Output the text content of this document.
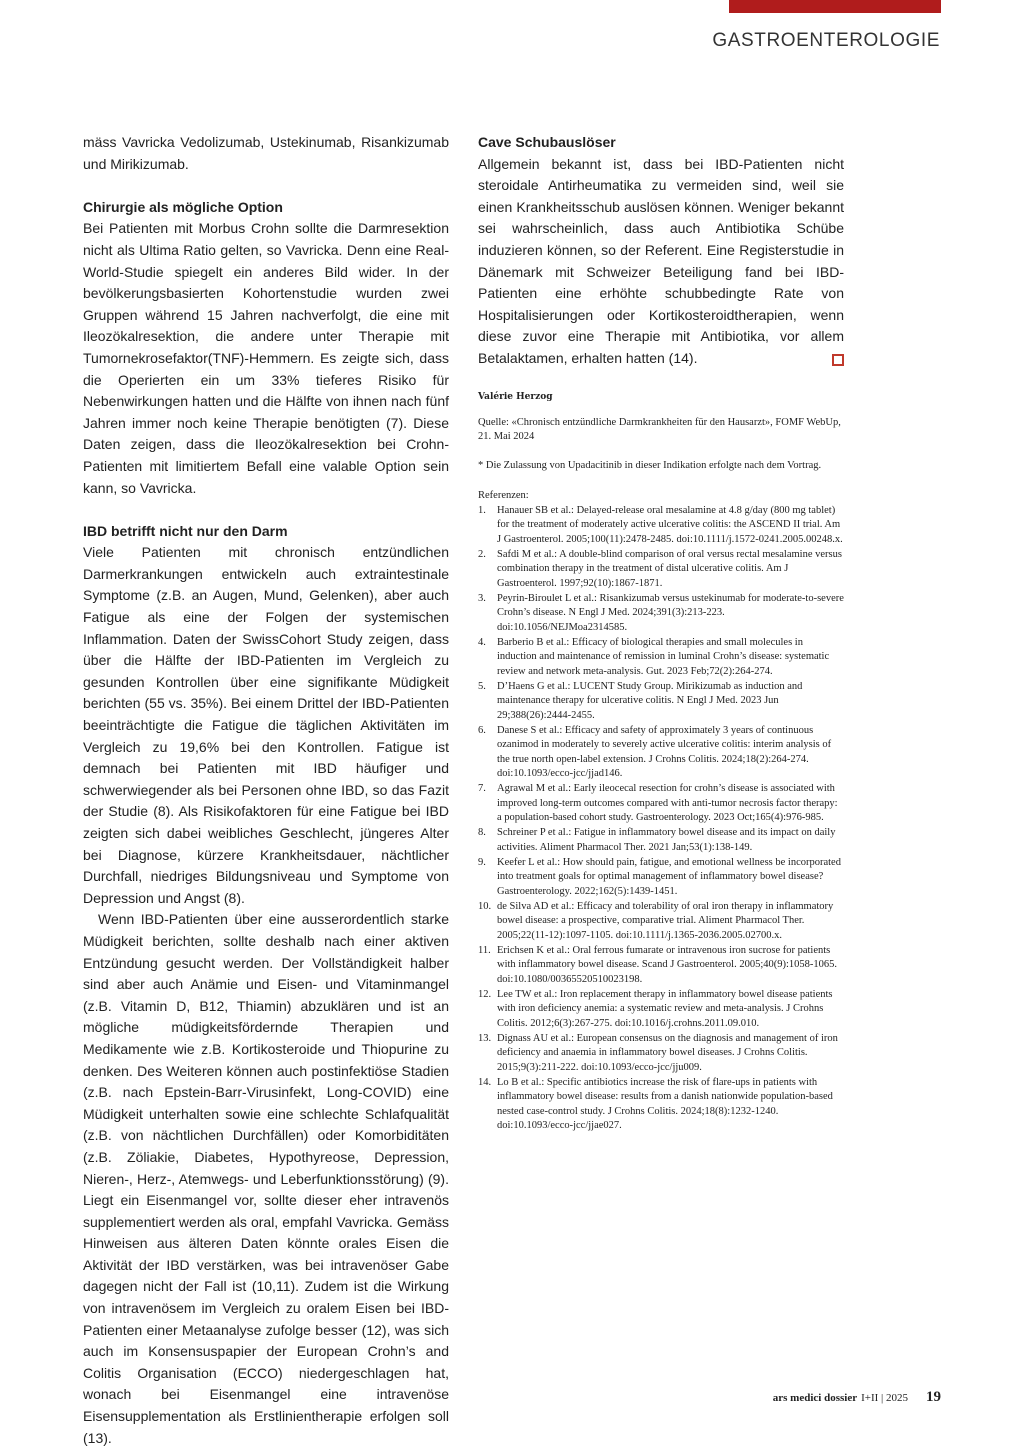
GASTROENTEROLOGIE

mäss Vavricka Vedolizumab, Ustekinumab, Risankizumab und Mirikizumab.

Chirurgie als mögliche Option

Bei Patienten mit Morbus Crohn sollte die Darmresektion nicht als Ultima Ratio gelten, so Vavricka. Denn eine Real-World-Studie spiegelt ein anderes Bild wider. In der bevölkerungsbasierten Kohortenstudie wurden zwei Gruppen während 15 Jahren nachverfolgt, die eine mit Ileozökalresektion, die andere unter Therapie mit Tumornekrosefaktor(TNF)-Hemmern. Es zeigte sich, dass die Operierten ein um 33% tieferes Risiko für Nebenwirkungen hatten und die Hälfte von ihnen nach fünf Jahren immer noch keine Therapie benötigten (7). Diese Daten zeigen, dass die Ileozökalresektion bei Crohn-Patienten mit limitiertem Befall eine valable Option sein kann, so Vavricka.

IBD betrifft nicht nur den Darm

Viele Patienten mit chronisch entzündlichen Darmerkrankungen entwickeln auch extraintestinale Symptome (z.B. an Augen, Mund, Gelenken), aber auch Fatigue als eine der Folgen der systemischen Inflammation. Daten der SwissCohort Study zeigen, dass über die Hälfte der IBD-Patienten im Vergleich zu gesunden Kontrollen über eine signifikante Müdigkeit berichten (55 vs. 35%). Bei einem Drittel der IBD-Patienten beeinträchtigte die Fatigue die täglichen Aktivitäten im Vergleich zu 19,6% bei den Kontrollen. Fatigue ist demnach bei Patienten mit IBD häufiger und schwerwiegender als bei Personen ohne IBD, so das Fazit der Studie (8). Als Risikofaktoren für eine Fatigue bei IBD zeigten sich dabei weibliches Geschlecht, jüngeres Alter bei Diagnose, kürzere Krankheitsdauer, nächtlicher Durchfall, niedriges Bildungsniveau und Symptome von Depression und Angst (8).

Wenn IBD-Patienten über eine ausserordentlich starke Müdigkeit berichten, sollte deshalb nach einer aktiven Entzündung gesucht werden. Der Vollständigkeit halber sind aber auch Anämie und Eisen- und Vitaminmangel (z.B. Vitamin D, B12, Thiamin) abzuklären und ist an mögliche müdigkeitsfördernde Therapien und Medikamente wie z.B. Kortikosteroide und Thiopurine zu denken. Des Weiteren können auch postinfektiöse Stadien (z.B. nach Epstein-Barr-Virusinfekt, Long-COVID) eine Müdigkeit unterhalten sowie eine schlechte Schlafqualität (z.B. von nächtlichen Durchfällen) oder Komorbiditäten (z.B. Zöliakie, Diabetes, Hypothyreose, Depression, Nieren-, Herz-, Atemwegs- und Leberfunktionsstörung) (9). Liegt ein Eisenmangel vor, sollte dieser eher intravenös supplementiert werden als oral, empfahl Vavricka. Gemäss Hinweisen aus älteren Daten könnte orales Eisen die Aktivität der IBD verstärken, was bei intravenöser Gabe dagegen nicht der Fall ist (10,11). Zudem ist die Wirkung von intravenösem im Vergleich zu oralem Eisen bei IBD-Patienten einer Metaanalyse zufolge besser (12), was sich auch im Konsensuspapier der European Crohn’s and Colitis Organisation (ECCO) niedergeschlagen hat, wonach bei Eisenmangel eine intravenöse Eisensupplementation als Erstlinientherapie erfolgen soll (13).

Cave Schubauslöser

Allgemein bekannt ist, dass bei IBD-Patienten nicht steroidale Antirheumatika zu vermeiden sind, weil sie einen Krankheitsschub auslösen können. Weniger bekannt sei wahrscheinlich, dass auch Antibiotika Schübe induzieren können, so der Referent. Eine Registerstudie in Dänemark mit Schweizer Beteiligung fand bei IBD-Patienten eine erhöhte schubbedingte Rate von Hospitalisierungen oder Kortikosteroidtherapien, wenn diese zuvor eine Therapie mit Antibiotika, vor allem Betalaktamen, erhalten hatten (14).

Valérie Herzog

Quelle: «Chronisch entzündliche Darmkrankheiten für den Hausarzt», FOMF WebUp, 21. Mai 2024

* Die Zulassung von Upadacitinib in dieser Indikation erfolgte nach dem Vortrag.

Referenzen:

1. Hanauer SB et al.: Delayed-release oral mesalamine at 4.8 g/day (800 mg tablet) for the treatment of moderately active ulcerative colitis: the ASCEND II trial. Am J Gastroenterol. 2005;100(11):2478-2485. doi:10.1111/j.1572-0241.2005.00248.x.
2. Safdi M et al.: A double-blind comparison of oral versus rectal mesalamine versus combination therapy in the treatment of distal ulcerative colitis. Am J Gastroenterol. 1997;92(10):1867-1871.
3. Peyrin-Biroulet L et al.: Risankizumab versus ustekinumab for moderate-to-severe Crohn’s disease. N Engl J Med. 2024;391(3):213-223. doi:10.1056/NEJMoa2314585.
4. Barberio B et al.: Efficacy of biological therapies and small molecules in induction and maintenance of remission in luminal Crohn’s disease: systematic review and network meta-analysis. Gut. 2023 Feb;72(2):264-274.
5. D’Haens G et al.: LUCENT Study Group. Mirikizumab as induction and maintenance therapy for ulcerative colitis. N Engl J Med. 2023 Jun 29;388(26):2444-2455.
6. Danese S et al.: Efficacy and safety of approximately 3 years of continuous ozanimod in moderately to severely active ulcerative colitis: interim analysis of the true north open-label extension. J Crohns Colitis. 2024;18(2):264-274. doi:10.1093/ecco-jcc/jjad146.
7. Agrawal M et al.: Early ileocecal resection for crohn’s disease is associated with improved long-term outcomes compared with anti-tumor necrosis factor therapy: a population-based cohort study. Gastroenterology. 2023 Oct;165(4):976-985.
8. Schreiner P et al.: Fatigue in inflammatory bowel disease and its impact on daily activities. Aliment Pharmacol Ther. 2021 Jan;53(1):138-149.
9. Keefer L et al.: How should pain, fatigue, and emotional wellness be incorporated into treatment goals for optimal management of inflammatory bowel disease? Gastroenterology. 2022;162(5):1439-1451.
10. de Silva AD et al.: Efficacy and tolerability of oral iron therapy in inflammatory bowel disease: a prospective, comparative trial. Aliment Pharmacol Ther. 2005;22(11-12):1097-1105. doi:10.1111/j.1365-2036.2005.02700.x.
11. Erichsen K et al.: Oral ferrous fumarate or intravenous iron sucrose for patients with inflammatory bowel disease. Scand J Gastroenterol. 2005;40(9):1058-1065. doi:10.1080/00365520510023198.
12. Lee TW et al.: Iron replacement therapy in inflammatory bowel disease patients with iron deficiency anemia: a systematic review and meta-analysis. J Crohns Colitis. 2012;6(3):267-275. doi:10.1016/j.crohns.2011.09.010.
13. Dignass AU et al.: European consensus on the diagnosis and management of iron deficiency and anaemia in inflammatory bowel diseases. J Crohns Colitis. 2015;9(3):211-222. doi:10.1093/ecco-jcc/jju009.
14. Lo B et al.: Specific antibiotics increase the risk of flare-ups in patients with inflammatory bowel disease: results from a danish nationwide population-based nested case-control study. J Crohns Colitis. 2024;18(8):1232-1240. doi:10.1093/ecco-jcc/jjae027.
ars medici dossier I+II | 2025 19
